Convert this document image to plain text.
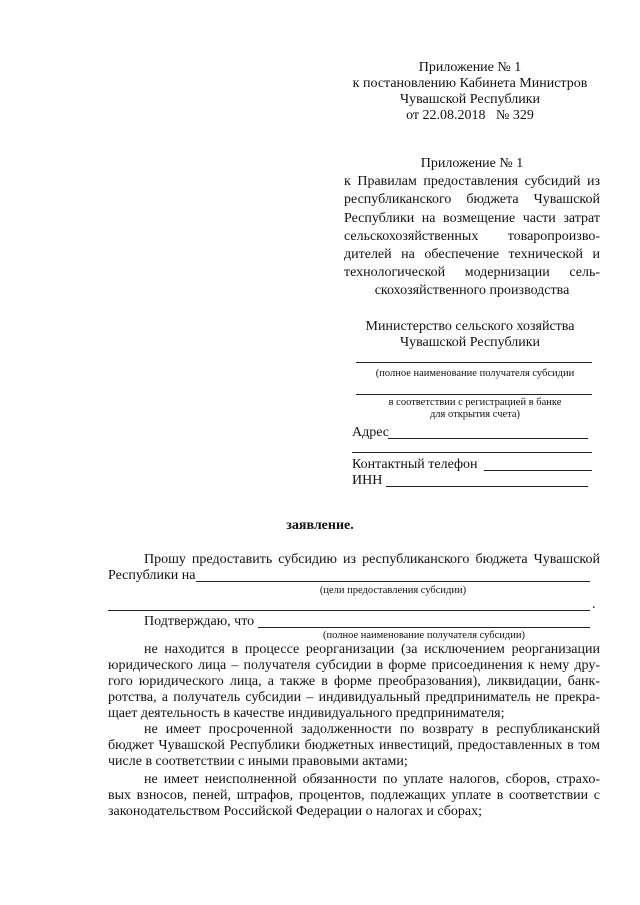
Приложение № 1
к постановлению Кабинета Министров
Чувашской Республики
от 22.08.2018   № 329
Приложение № 1
к Правилам предоставления субсидий из
республиканского бюджета Чувашской
Республики на возмещение части затрат
сельскохозяйственных товаропроизво-
дителей на обеспечение технической и
технологической модернизации сель-
скохозяйственного производства
Министерство сельского хозяйства
Чувашской Республики
(полное наименование получателя субсидии
в соответствии с регистрацией в банке
для открытия счета)
Адрес
Контактный телефон
ИНН
заявление.
Прошу предоставить субсидию из республиканского бюджета Чувашской
Республики на
(цели предоставления субсидии)
.
Подтверждаю, что
(полное наименование получателя субсидии)
не находится в процессе реорганизации (за исключением реорганизации
юридического лица – получателя субсидии в форме присоединения к нему дру-
гого юридического лица, а также в форме преобразования), ликвидации, банк-
ротства, а получатель субсидии – индивидуальный предприниматель не прекра-
щает деятельность в качестве индивидуального предпринимателя;
не имеет просроченной задолженности по возврату в республиканский
бюджет Чувашской Республики бюджетных инвестиций, предоставленных в том
числе в соответствии с иными правовыми актами;
не имеет неисполненной обязанности по уплате налогов, сборов, страхо-
вых взносов, пеней, штрафов, процентов, подлежащих уплате в соответствии с
законодательством Российской Федерации о налогах и сборах;
